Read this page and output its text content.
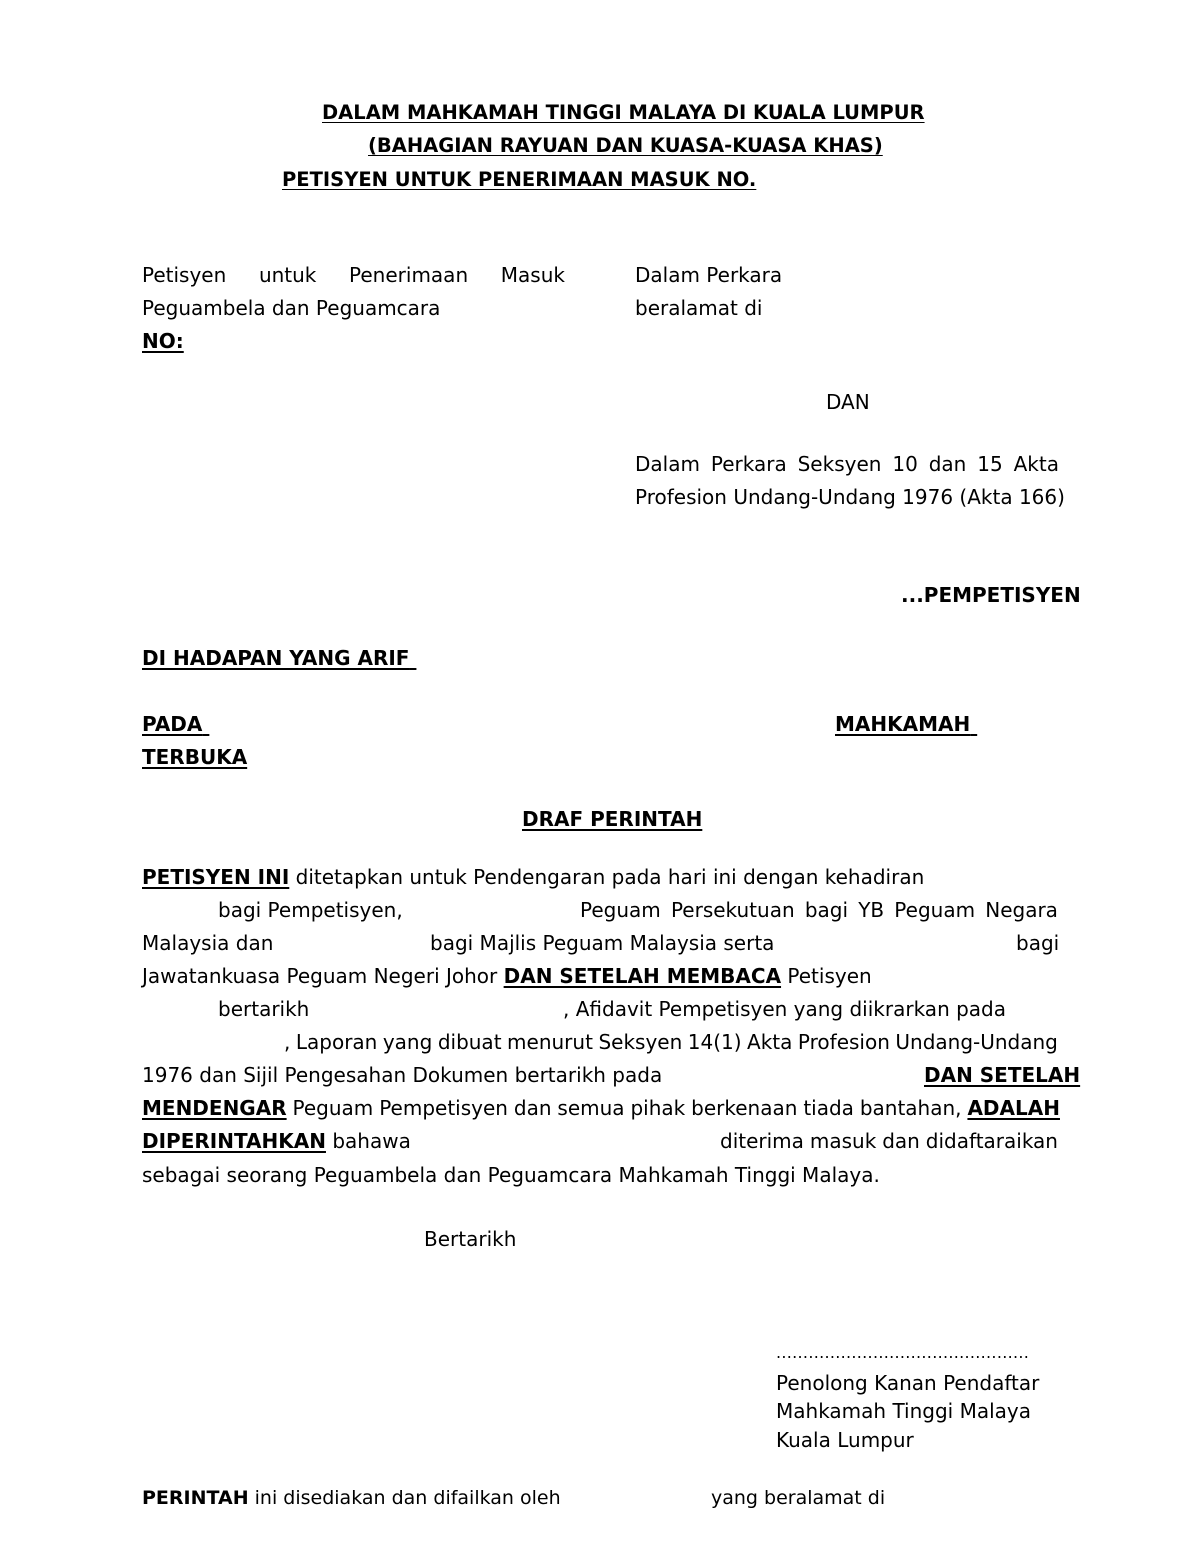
DALAM MAHKAMAH TINGGI MALAYA DI KUALA LUMPUR
(BAHAGIAN RAYUAN DAN KUASA-KUASA KHAS)
PETISYEN UNTUK PENERIMAAN MASUK NO.
Petisyen untuk Penerimaan Masuk
Peguambela dan Peguamcara
NO:
Dalam Perkara
beralamat di
DAN
Dalam Perkara Seksyen 10 dan 15 Akta
Profesion Undang-Undang 1976 (Akta 166)
...PEMPETISYEN
DI HADAPAN YANG ARIF
PADA	MAHKAMAH
TERBUKA
DRAF PERINTAH
PETISYEN INI ditetapkan untuk Pendengaran pada hari ini dengan kehadiran
bagi Pempetisyen,	Peguam Persekutuan bagi YB Peguam Negara
Malaysia dan	bagi Majlis Peguam Malaysia serta	bagi
Jawatankuasa Peguam Negeri Johor DAN SETELAH MEMBACA Petisyen
bertarikh	, Afidavit Pempetisyen yang diikrarkan pada
, Laporan yang dibuat menurut Seksyen 14(1) Akta Profesion Undang-Undang
1976 dan Sijil Pengesahan Dokumen bertarikh pada	DAN SETELAH
MENDENGAR Peguam Pempetisyen dan semua pihak berkenaan tiada bantahan, ADALAH
DIPERINTAHKAN bahawa	diterima masuk dan didaftaraikan
sebagai seorang Peguambela dan Peguamcara Mahkamah Tinggi Malaya.
Bertarikh
...............................................
Penolong Kanan Pendaftar
Mahkamah Tinggi Malaya
Kuala Lumpur
PERINTAH ini disediakan dan difailkan oleh	yang beralamat di
